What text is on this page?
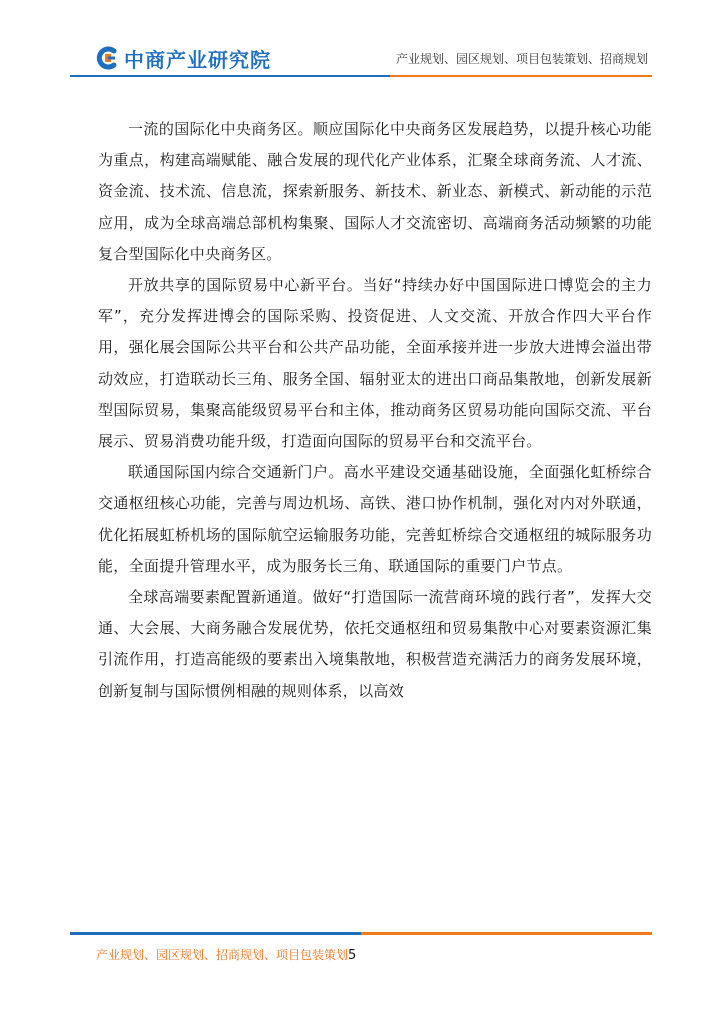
中商产业研究院	产业规划、园区规划、项目包装策划、招商规划

一流的国际化中央商务区。顺应国际化中央商务区发展趋势，以提升核心功能为重点，构建高端赋能、融合发展的现代化产业体系，汇聚全球商务流、人才流、资金流、技术流、信息流，探索新服务、新技术、新业态、新模式、新动能的示范应用，成为全球高端总部机构集聚、国际人才交流密切、高端商务活动频繁的功能复合型国际化中央商务区。

开放共享的国际贸易中心新平台。当好“持续办好中国国际进口博览会的主力军”，充分发挥进博会的国际采购、投资促进、人文交流、开放合作四大平台作用，强化展会国际公共平台和公共产品功能，全面承接并进一步放大进博会溢出带动效应，打造联动长三角、服务全国、辐射亚太的进出口商品集散地，创新发展新型国际贸易，集聚高能级贸易平台和主体，推动商务区贸易功能向国际交流、平台展示、贸易消费功能升级，打造面向国际的贸易平台和交流平台。

联通国际国内综合交通新门户。高水平建设交通基础设施，全面强化虹桥综合交通枢纽核心功能，完善与周边机场、高铁、港口协作机制，强化对内对外联通，优化拓展虹桥机场的国际航空运输服务功能，完善虹桥综合交通枢纽的城际服务功能，全面提升管理水平，成为服务长三角、联通国际的重要门户节点。

全球高端要素配置新通道。做好“打造国际一流营商环境的践行者”，发挥大交通、大会展、大商务融合发展优势，依托交通枢纽和贸易集散中心对要素资源汇集引流作用，打造高能级的要素出入境集散地，积极营造充满活力的商务发展环境，创新复制与国际惯例相融的规则体系，以高效

产业规划、园区规划、招商规划、项目包装策划5
